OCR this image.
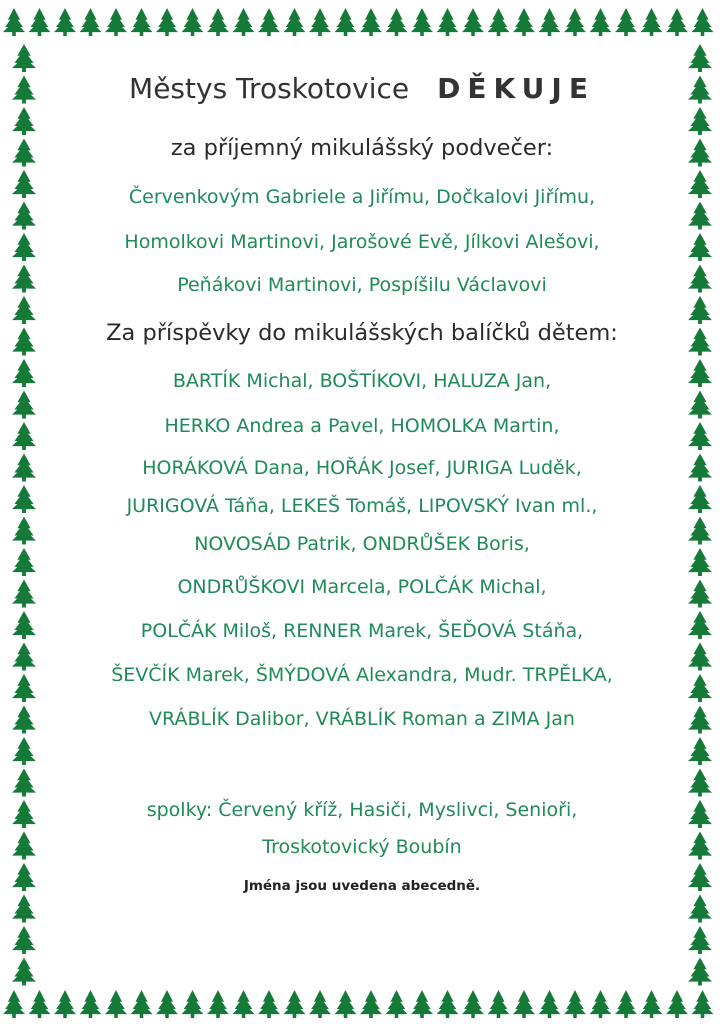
Městys Troskotovice DĚKUJE
za příjemný mikulášský podvečer:
Červenkovým Gabriele a Jiřímu, Dočkalovi Jiřímu,
Homolkovi Martinovi, Jarošové Evě, Jílkovi Alešovi,
Peňákovi Martinovi, Pospíšilu Václavovi
Za příspěvky do mikulášských balíčků dětem:
BARTÍK Michal, BOŠTÍKOVI, HALUZA Jan,
HERKO Andrea a Pavel, HOMOLKA Martin,
HORÁKOVÁ Dana, HOŘÁK Josef, JURIGA Luděk,
JURIGOVÁ Táňa, LEKEŠ Tomáš, LIPOVSKÝ Ivan ml.,
NOVOSÁD Patrik, ONDRŮŠEK Boris,
ONDRŮŠKOVI Marcela, POLČÁK Michal,
POLČÁK Miloš, RENNER Marek, ŠEĎOVÁ Stáňa,
ŠEVČÍK Marek, ŠMÝDOVÁ Alexandra, Mudr. TRPĚLKA,
VRÁBLÍK Dalibor, VRÁBLÍK Roman a ZIMA Jan
spolky: Červený kříž, Hasiči, Myslivci, Senioři,
Troskotovický Boubín
Jména jsou uvedena abecedně.
